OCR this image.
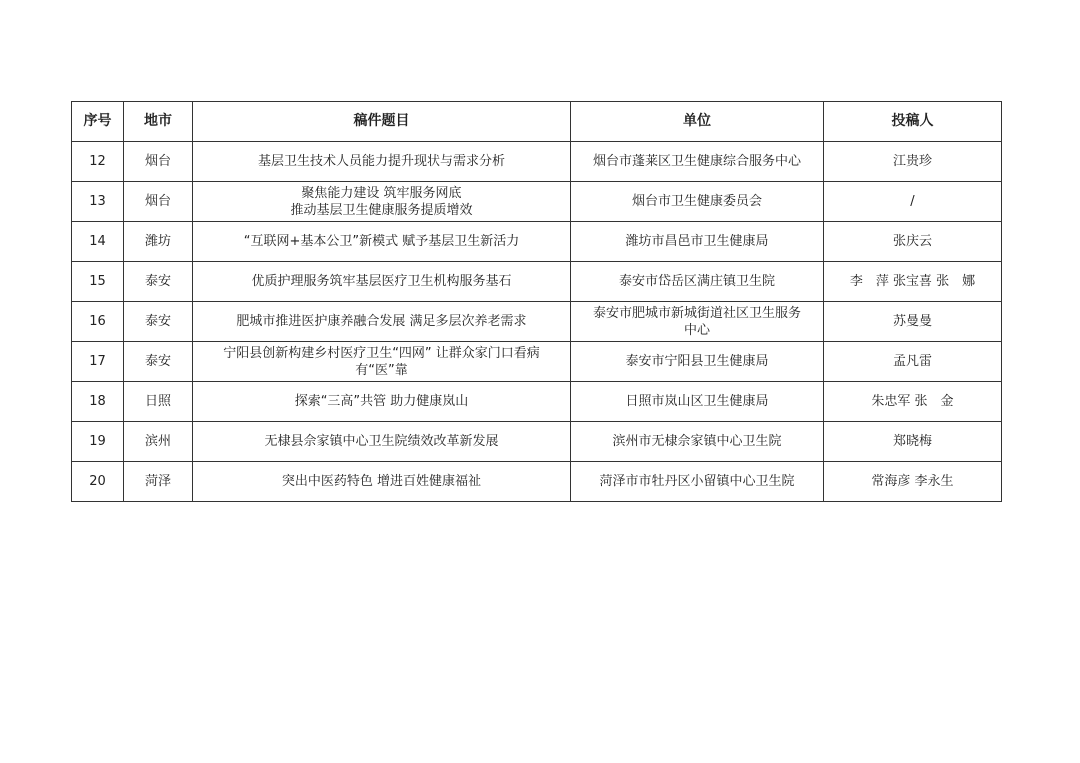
序号	地市	稿件题目	单位	投稿人
12	烟台	基层卫生技术人员能力提升现状与需求分析	烟台市蓬莱区卫生健康综合服务中心	江贵珍
13	烟台	聚焦能力建设 筑牢服务网底
推动基层卫生健康服务提质增效	烟台市卫生健康委员会	/
14	潍坊	“互联网+基本公卫”新模式 赋予基层卫生新活力	潍坊市昌邑市卫生健康局	张庆云
15	泰安	优质护理服务筑牢基层医疗卫生机构服务基石	泰安市岱岳区满庄镇卫生院	李　萍 张宝喜 张　娜
16	泰安	肥城市推进医护康养融合发展 满足多层次养老需求	泰安市肥城市新城街道社区卫生服务
中心	苏曼曼
17	泰安	宁阳县创新构建乡村医疗卫生“四网” 让群众家门口看病
有“医”靠	泰安市宁阳县卫生健康局	孟凡雷
18	日照	探索“三高”共管 助力健康岚山	日照市岚山区卫生健康局	朱忠军 张　金
19	滨州	无棣县佘家镇中心卫生院绩效改革新发展	滨州市无棣佘家镇中心卫生院	郑晓梅
20	菏泽	突出中医药特色 增进百姓健康福祉	菏泽市市牡丹区小留镇中心卫生院	常海彦 李永生
